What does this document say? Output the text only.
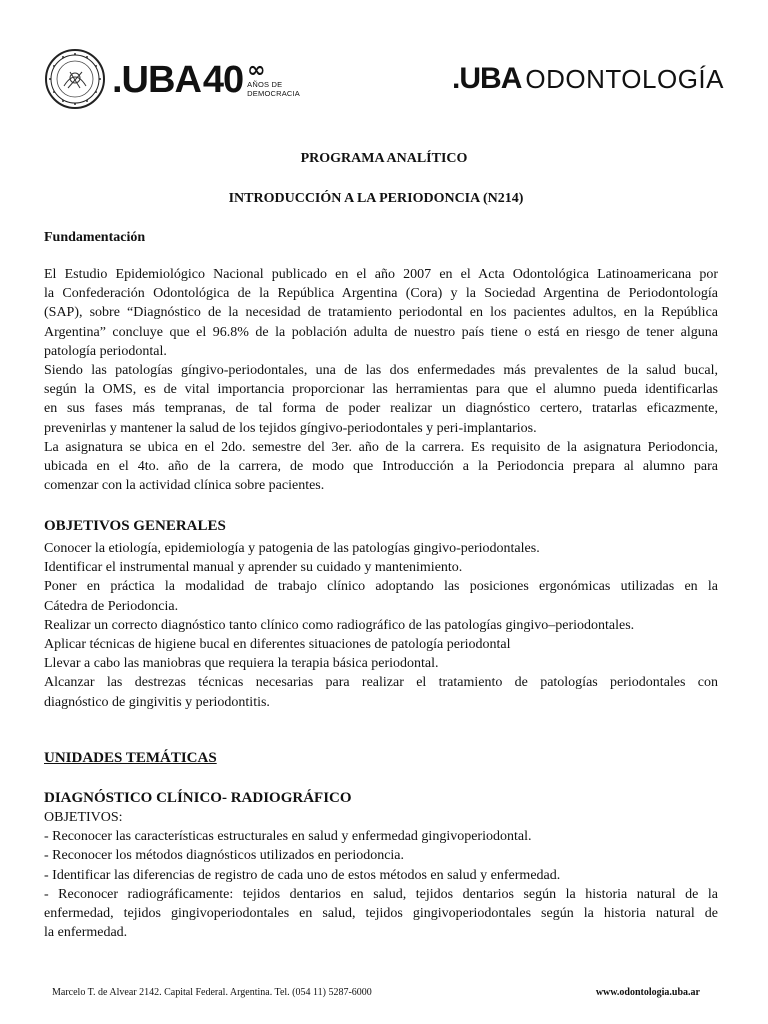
.UBA 40 ∞
AÑOS DE
DEMOCRACIA	.UBA ODONTOLOGÍA
PROGRAMA ANALÍTICO
INTRODUCCIÓN A LA PERIODONCIA (N214)
Fundamentación
El Estudio Epidemiológico Nacional publicado en el año 2007 en el Acta Odontológica Latinoamericana por
la Confederación Odontológica de la República Argentina (Cora) y la Sociedad Argentina de Periodontología
(SAP), sobre “Diagnóstico de la necesidad de tratamiento periodontal en los pacientes adultos, en la República
Argentina” concluye que el 96.8% de la población adulta de nuestro país tiene o está en riesgo de tener alguna
patología periodontal.
Siendo las patologías gíngivo-periodontales, una de las dos enfermedades más prevalentes de la salud bucal,
según la OMS, es de vital importancia proporcionar las herramientas para que el alumno pueda identificarlas
en sus fases más tempranas, de tal forma de poder realizar un diagnóstico certero, tratarlas eficazmente,
prevenirlas y mantener la salud de los tejidos gíngivo-periodontales y peri-implantarios.
La asignatura se ubica en el 2do. semestre del 3er. año de la carrera. Es requisito de la asignatura Periodoncia,
ubicada en el 4to. año de la carrera, de modo que Introducción a la Periodoncia prepara al alumno para
comenzar con la actividad clínica sobre pacientes.
OBJETIVOS GENERALES
Conocer la etiología, epidemiología y patogenia de las patologías gingivo-periodontales.
Identificar el instrumental manual y aprender su cuidado y mantenimiento.
Poner en práctica la modalidad de trabajo clínico adoptando las posiciones ergonómicas utilizadas en la
Cátedra de Periodoncia.
Realizar un correcto diagnóstico tanto clínico como radiográfico de las patologías gingivo–periodontales.
Aplicar técnicas de higiene bucal en diferentes situaciones de patología periodontal
Llevar a cabo las maniobras que requiera la terapia básica periodontal.
Alcanzar las destrezas técnicas necesarias para realizar el tratamiento de patologías periodontales con
diagnóstico de gingivitis y periodontitis.
UNIDADES TEMÁTICAS
DIAGNÓSTICO CLÍNICO- RADIOGRÁFICO
OBJETIVOS:
- Reconocer las características estructurales en salud y enfermedad gingivoperiodontal.
- Reconocer los métodos diagnósticos utilizados en periodoncia.
- Identificar las diferencias de registro de cada uno de estos métodos en salud y enfermedad.
- Reconocer radiográficamente: tejidos dentarios en salud, tejidos dentarios según la historia natural de la
enfermedad, tejidos gingivoperiodontales en salud, tejidos gingivoperiodontales según la historia natural de
la enfermedad.
Marcelo T. de Alvear 2142. Capital Federal. Argentina. Tel. (054 11) 5287-6000	www.odontologia.uba.ar
